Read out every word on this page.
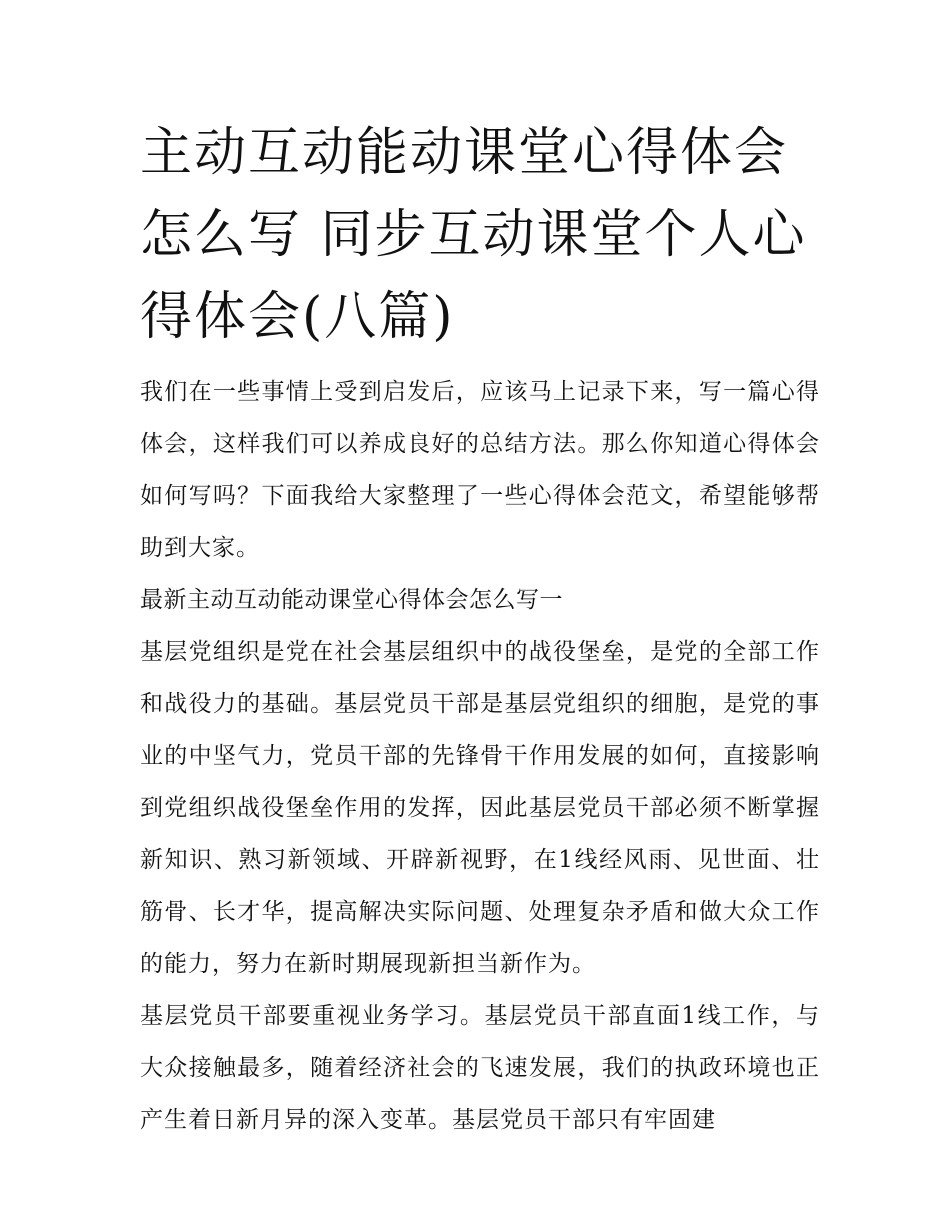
主动互动能动课堂心得体会怎么写 同步互动课堂个人心得体会(八篇)

我们在一些事情上受到启发后，应该马上记录下来，写一篇心得体会，这样我们可以养成良好的总结方法。那么你知道心得体会如何写吗？下面我给大家整理了一些心得体会范文，希望能够帮助到大家。

最新主动互动能动课堂心得体会怎么写一

基层党组织是党在社会基层组织中的战役堡垒，是党的全部工作和战役力的基础。基层党员干部是基层党组织的细胞，是党的事业的中坚气力，党员干部的先锋骨干作用发展的如何，直接影响到党组织战役堡垒作用的发挥，因此基层党员干部必须不断掌握新知识、熟习新领域、开辟新视野，在1线经风雨、见世面、壮筋骨、长才华，提高解决实际问题、处理复杂矛盾和做大众工作的能力，努力在新时期展现新担当新作为。

基层党员干部要重视业务学习。基层党员干部直面1线工作，与大众接触最多，随着经济社会的飞速发展，我们的执政环境也正产生着日新月异的深入变革。基层党员干部只有牢固建
